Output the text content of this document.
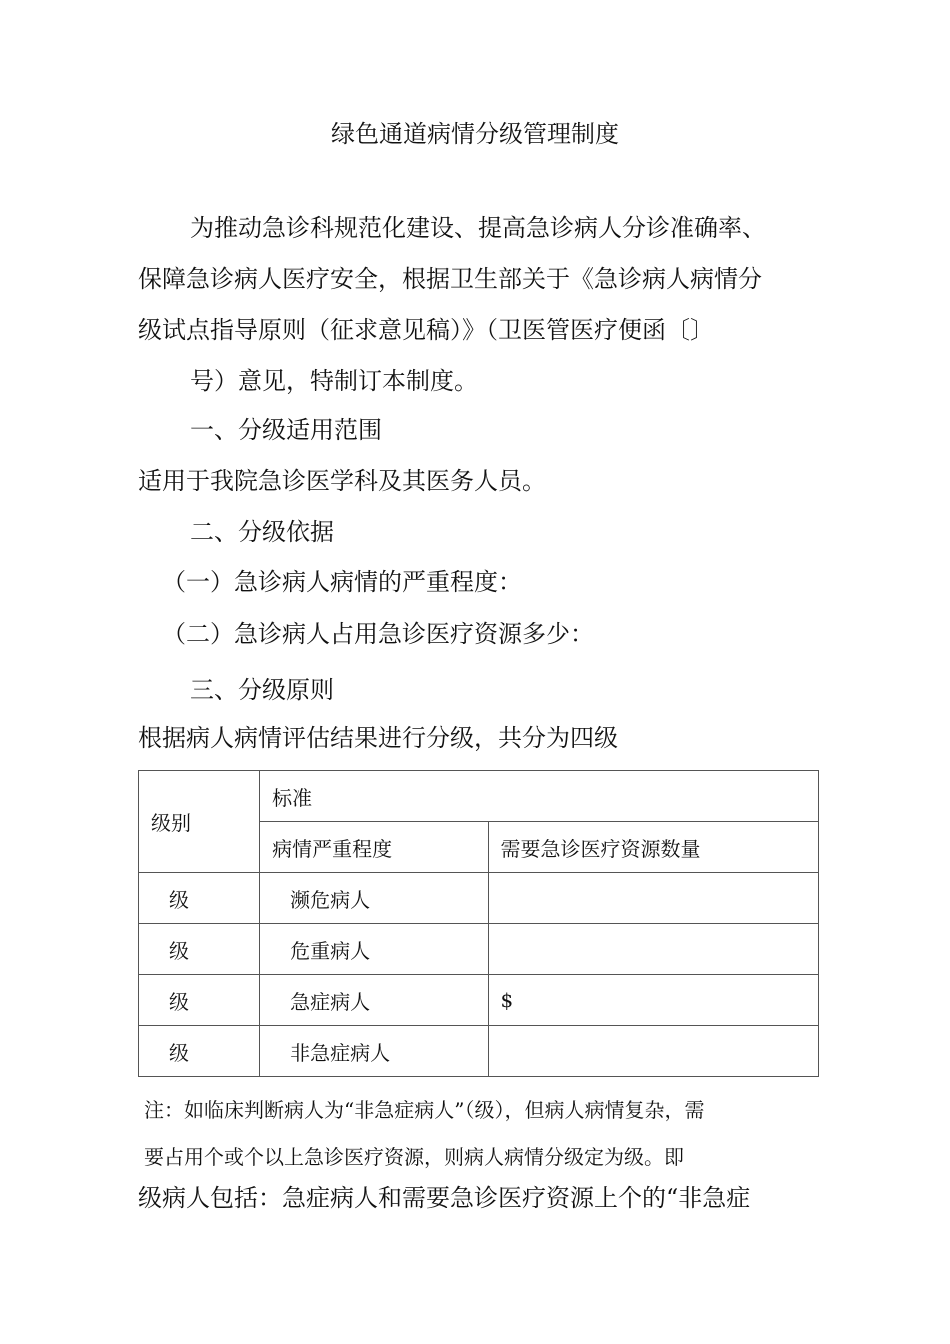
绿色通道病情分级管理制度
为推动急诊科规范化建设、提高急诊病人分诊准确率、
保障急诊病人医疗安全，根据卫生部关于《急诊病人病情分
级试点指导原则（征求意见稿）》（卫医管医疗便函〔〕
号）意见，特制订本制度。
一、分级适用范围
适用于我院急诊医学科及其医务人员。
二、分级依据
（一）急诊病人病情的严重程度：
（二）急诊病人占用急诊医疗资源多少：
三、分级原则
根据病人病情评估结果进行分级，共分为四级
级别	标准	
	病情严重程度	需要急诊医疗资源数量
级	濒危病人	
级	危重病人	
级	急症病人	$
级	非急症病人	
注：如临床判断病人为“非急症病人”（级），但病人病情复杂，需
要占用个或个以上急诊医疗资源，则病人病情分级定为级。即
级病人包括：急症病人和需要急诊医疗资源上个的“非急症
